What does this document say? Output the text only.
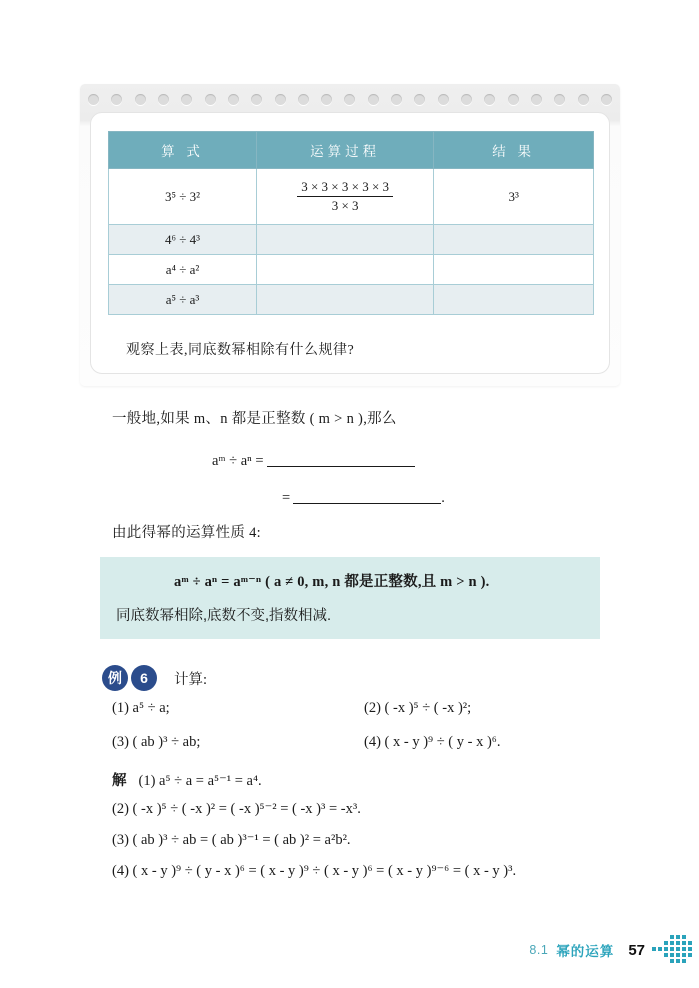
算 式	运算过程	结 果
3⁵ ÷ 3²	$\frac{3 \times 3 \times 3 \times 3 \times 3}{3 \times 3}$	3³
4⁶ ÷ 4³		
a⁴ ÷ a²		
a⁵ ÷ a³		
观察上表,同底数幂相除有什么规律?
一般地,如果 m、n 都是正整数 ( m > n ),那么
aᵐ ÷ aⁿ =
=	.
由此得幂的运算性质 4:
aᵐ ÷ aⁿ = aᵐ⁻ⁿ ( a ≠ 0, m, n 都是正整数,且 m > n ).
同底数幂相除,底数不变,指数相减.
例	6	计算:
(1) a⁵ ÷ a;	(2) ( -x )⁵ ÷ ( -x )²;
(3) ( ab )³ ÷ ab;	(4) ( x - y )⁹ ÷ ( y - x )⁶.
解 (1) a⁵ ÷ a = a⁵⁻¹ = a⁴.
(2) ( -x )⁵ ÷ ( -x )² = ( -x )⁵⁻² = ( -x )³ = -x³.
(3) ( ab )³ ÷ ab = ( ab )³⁻¹ = ( ab )² = a²b².
(4) ( x - y )⁹ ÷ ( y - x )⁶ = ( x - y )⁹ ÷ ( x - y )⁶ = ( x - y )⁹⁻⁶ = ( x - y )³.
8.1 幂的运算 57
